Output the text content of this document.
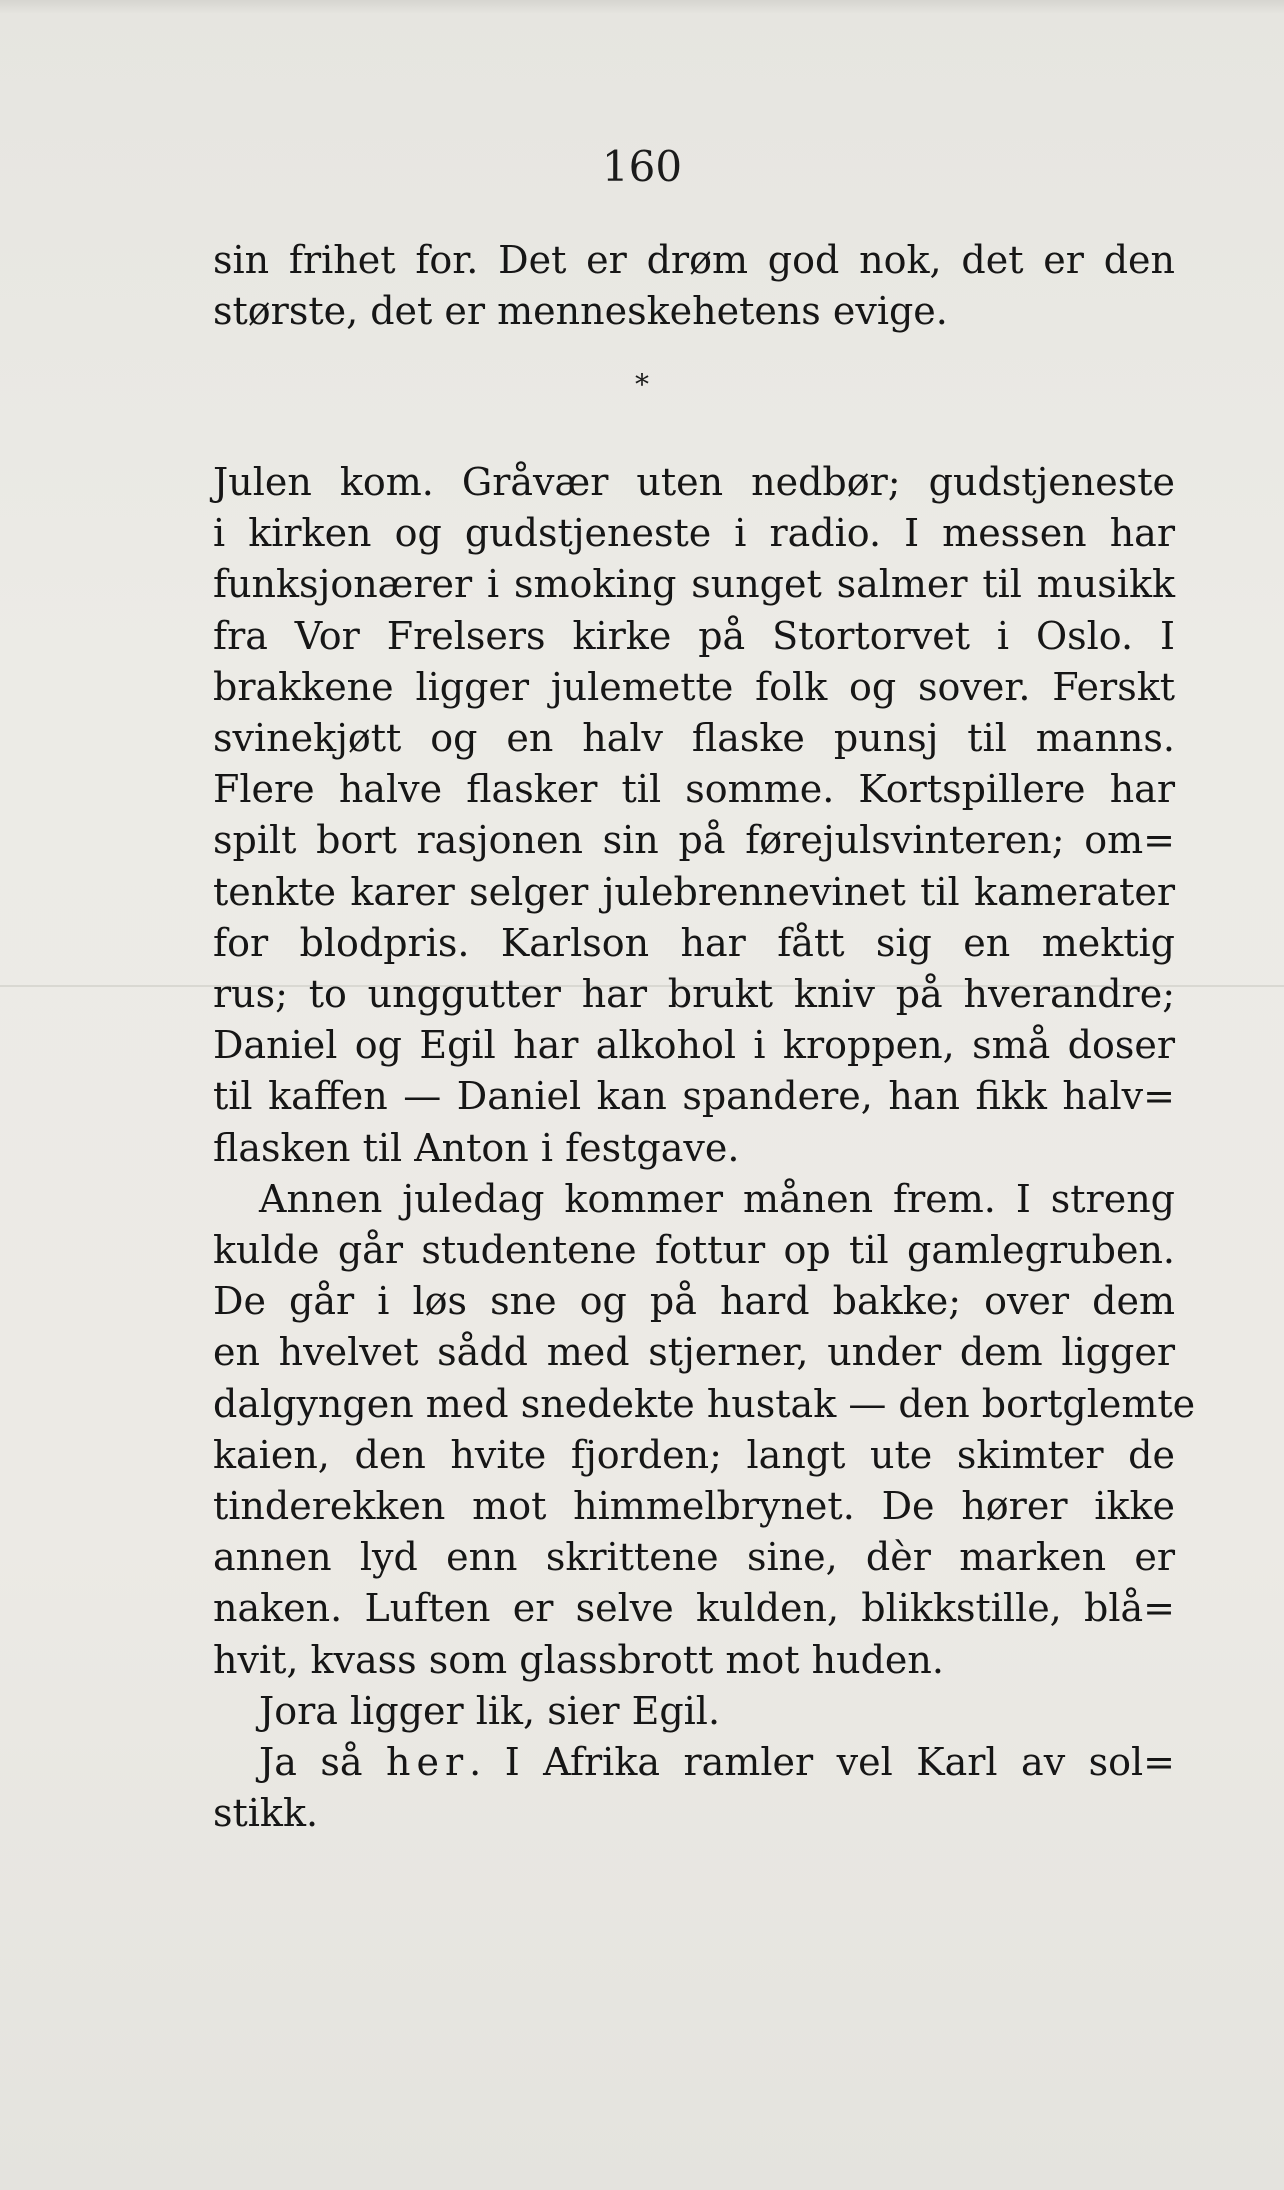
160

sin frihet for. Det er drøm god nok, det er den
største, det er menneskehetens evige.

*

Julen kom. Gråvær uten nedbør; gudstjeneste
i kirken og gudstjeneste i radio. I messen har
funksjonærer i smoking sunget salmer til musikk
fra Vor Frelsers kirke på Stortorvet i Oslo. I
brakkene ligger julemette folk og sover. Ferskt
svinekjøtt og en halv flaske punsj til manns.
Flere halve flasker til somme. Kortspillere har
spilt bort rasjonen sin på førejulsvinteren; om=
tenkte karer selger julebrennevinet til kamerater
for blodpris. Karlson har fått sig en mektig
rus; to unggutter har brukt kniv på hverandre;
Daniel og Egil har alkohol i kroppen, små doser
til kaffen — Daniel kan spandere, han fikk halv=
flasken til Anton i festgave.
Annen juledag kommer månen frem. I streng
kulde går studentene fottur op til gamlegruben.
De går i løs sne og på hard bakke; over dem
en hvelvet sådd med stjerner, under dem ligger
dalgyngen med snedekte hustak — den bortglemte
kaien, den hvite fjorden; langt ute skimter de
tinderekken mot himmelbrynet. De hører ikke
annen lyd enn skrittene sine, dèr marken er
naken. Luften er selve kulden, blikkstille, blå=
hvit, kvass som glassbrott mot huden.
Jora ligger lik, sier Egil.
Ja så her. I Afrika ramler vel Karl av sol=
stikk.
